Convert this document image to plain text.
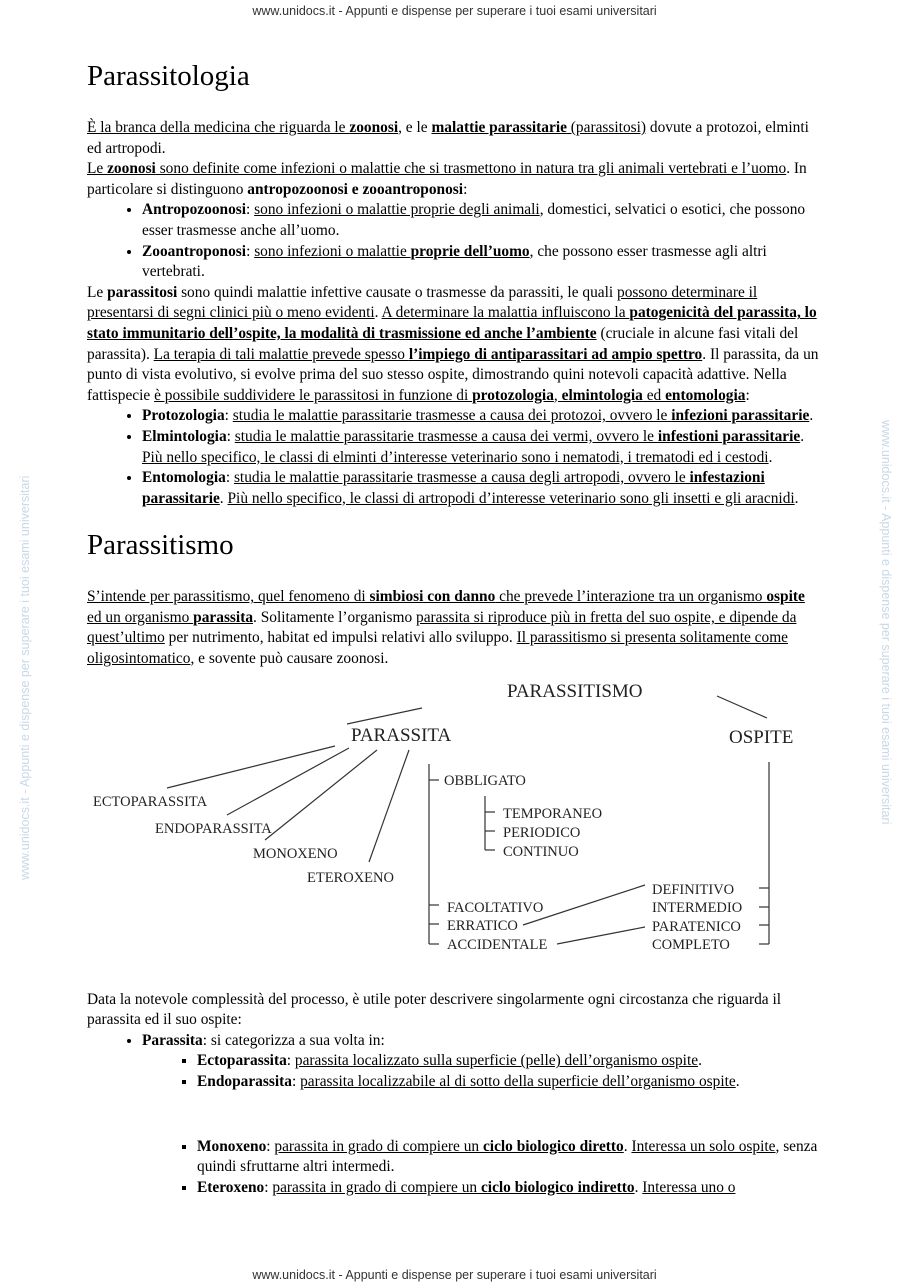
www.unidocs.it - Appunti e dispense per superare i tuoi esami universitari
www.unidocs.it - Appunti e dispense per superare i tuoi esami universitari	www.unidocs.it - Appunti e dispense per superare i tuoi esami universitari
Parassitologia

È la branca della medicina che riguarda le zoonosi, e le malattie parassitarie (parassitosi) dovute a protozoi, elminti ed artropodi.

Le zoonosi sono definite come infezioni o malattie che si trasmettono in natura tra gli animali vertebrati e l’uomo. In particolare si distinguono antropozoonosi e zooantroponosi:

• Antropozoonosi: sono infezioni o malattie proprie degli animali, domestici, selvatici o esotici, che possono esser trasmesse anche all’uomo.
• Zooantroponosi: sono infezioni o malattie proprie dell’uomo, che possono esser trasmesse agli altri vertebrati.

Le parassitosi sono quindi malattie infettive causate o trasmesse da parassiti, le quali possono determinare il presentarsi di segni clinici più o meno evidenti. A determinare la malattia influiscono la patogenicità del parassita, lo stato immunitario dell’ospite, la modalità di trasmissione ed anche l’ambiente (cruciale in alcune fasi vitali del parassita). La terapia di tali malattie prevede spesso l’impiego di antiparassitari ad ampio spettro. Il parassita, da un punto di vista evolutivo, si evolve prima del suo stesso ospite, dimostrando quini notevoli capacità adattive. Nella fattispecie è possibile suddividere le parassitosi in funzione di protozologia, elmintologia ed entomologia:

• Protozologia: studia le malattie parassitarie trasmesse a causa dei protozoi, ovvero le infezioni parassitarie.
• Elmintologia: studia le malattie parassitarie trasmesse a causa dei vermi, ovvero le infestioni parassitarie. Più nello specifico, le classi di elminti d’interesse veterinario sono i nematodi, i trematodi ed i cestodi.
• Entomologia: studia le malattie parassitarie trasmesse a causa degli artropodi, ovvero le infestazioni parassitarie. Più nello specifico, le classi di artropodi d’interesse veterinario sono gli insetti e gli aracnidi.
Parassitismo

S’intende per parassitismo, quel fenomeno di simbiosi con danno che prevede l’interazione tra un organismo ospite ed un organismo parassita. Solitamente l’organismo parassita si riproduce più in fretta del suo ospite, e dipende da quest’ultimo per nutrimento, habitat ed impulsi relativi allo sviluppo. Il parassitismo si presenta solitamente come oligosintomatico, e sovente può causare zoonosi.

PARASSITISMO
PARASSITA	OSPITE
ECTOPARASSITA
ENDOPARASSITA
MONOXENO
ETEROXENO
OBBLIGATO
TEMPORANEO
PERIODICO
CONTINUO
FACOLTATIVO
ERRATICO
ACCIDENTALE
DEFINITIVO
INTERMEDIO
PARATENICO
COMPLETO

Data la notevole complessità del processo, è utile poter descrivere singolarmente ogni circostanza che riguarda il parassita ed il suo ospite:

• Parassita: si categorizza a sua volta in:
▪ Ectoparassita: parassita localizzato sulla superficie (pelle) dell’organismo ospite.
▪ Endoparassita: parassita localizzabile al di sotto della superficie dell’organismo ospite.
▪ Monoxeno: parassita in grado di compiere un ciclo biologico diretto. Interessa un solo ospite, senza quindi sfruttarne altri intermedi.
▪ Eteroxeno: parassita in grado di compiere un ciclo biologico indiretto. Interessa uno o
www.unidocs.it - Appunti e dispense per superare i tuoi esami universitari
